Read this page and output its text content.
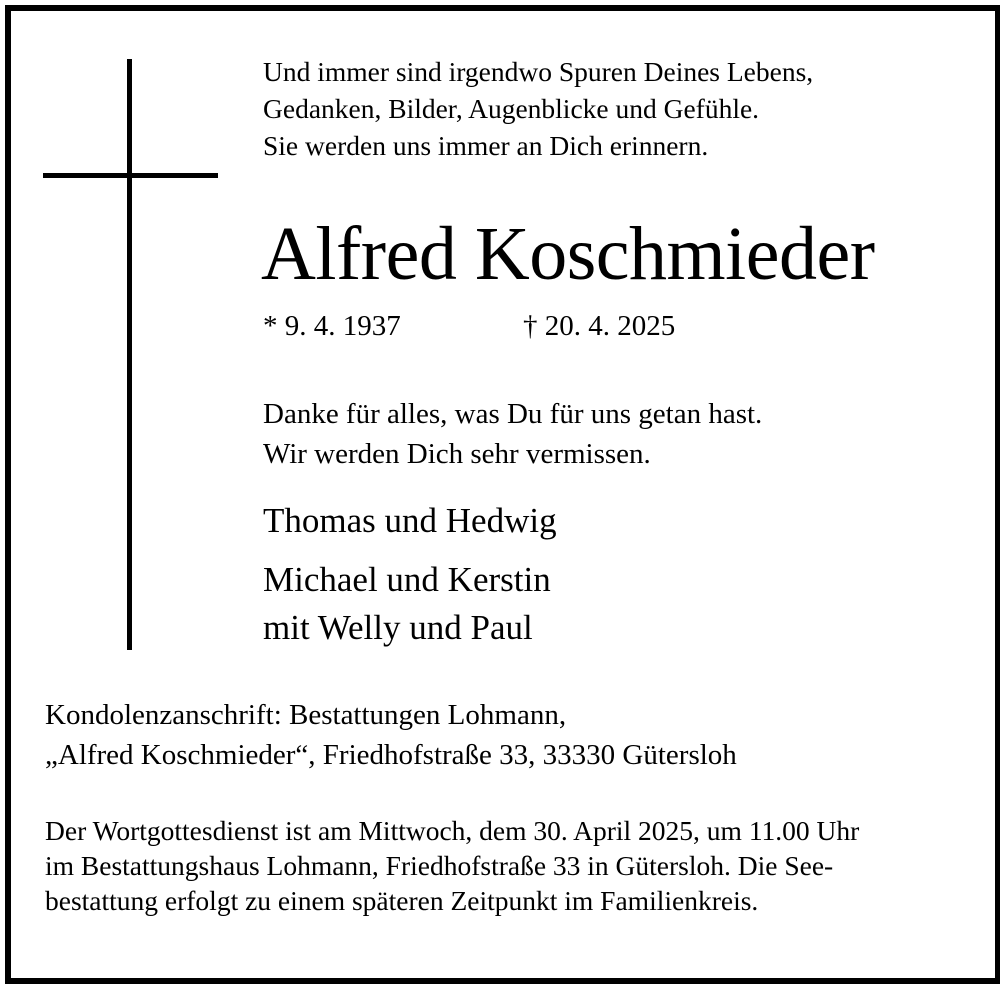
Und immer sind irgendwo Spuren Deines Lebens,
Gedanken, Bilder, Augenblicke und Gefühle.
Sie werden uns immer an Dich erinnern.
Alfred Koschmieder
* 9. 4. 1937	† 20. 4. 2025
Danke für alles, was Du für uns getan hast.
Wir werden Dich sehr vermissen.
Thomas und Hedwig
Michael und Kerstin
mit Welly und Paul
Kondolenzanschrift: Bestattungen Lohmann,
„Alfred Koschmieder“, Friedhofstraße 33, 33330 Gütersloh
Der Wortgottesdienst ist am Mittwoch, dem 30. April 2025, um 11.00 Uhr
im Bestattungshaus Lohmann, Friedhofstraße 33 in Gütersloh. Die See-
bestattung erfolgt zu einem späteren Zeitpunkt im Familienkreis.
